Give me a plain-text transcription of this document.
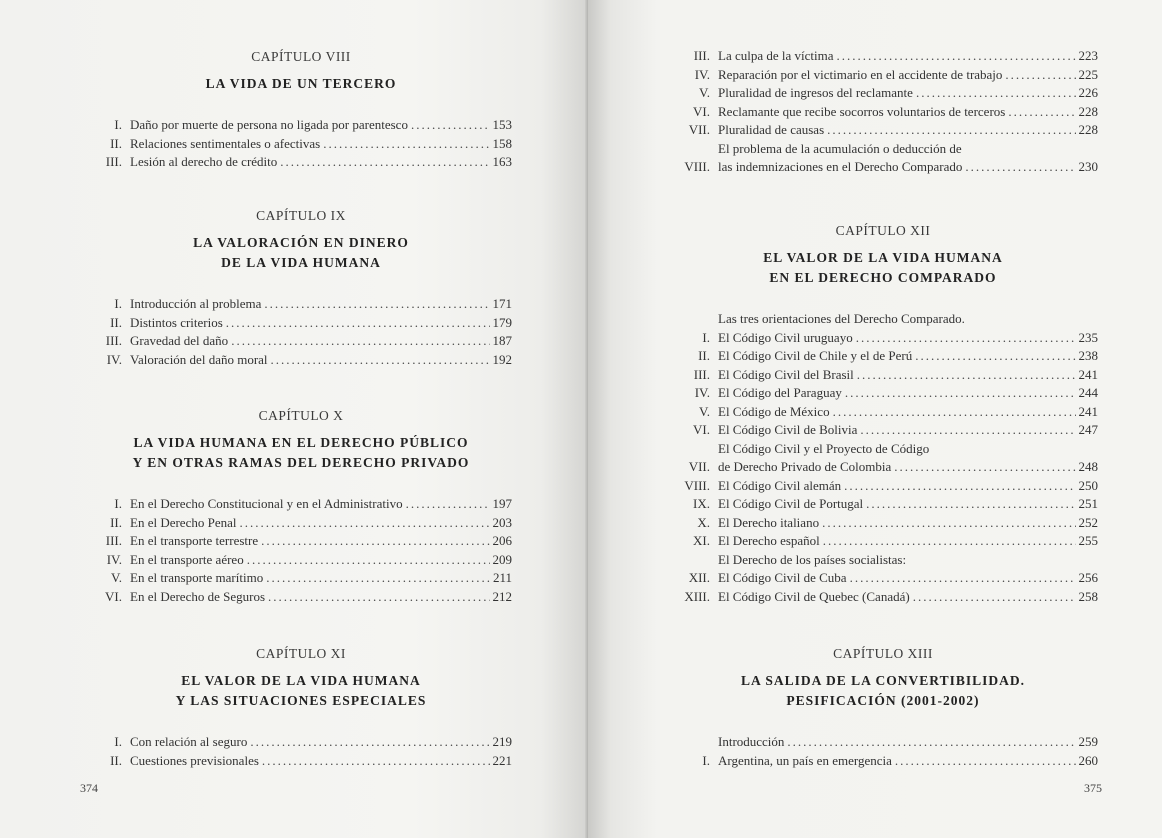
CAPÍTULO VIII
LA VIDA DE UN TERCERO
I. Daño por muerte de persona no ligada por parentesco .....	153
II. Relaciones sentimentales o afectivas .....	158
III. Lesión al derecho de crédito .....	163
CAPÍTULO IX
LA VALORACIÓN EN DINERO
DE LA VIDA HUMANA
I. Introducción al problema .....	171
II. Distintos criterios .....	179
III. Gravedad del daño .....	187
IV. Valoración del daño moral .....	192
CAPÍTULO X
LA VIDA HUMANA EN EL DERECHO PÚBLICO
Y EN OTRAS RAMAS DEL DERECHO PRIVADO
I. En el Derecho Constitucional y en el Administrativo .....	197
II. En el Derecho Penal .....	203
III. En el transporte terrestre .....	206
IV. En el transporte aéreo .....	209
V. En el transporte marítimo .....	211
VI. En el Derecho de Seguros .....	212
CAPÍTULO XI
EL VALOR DE LA VIDA HUMANA
Y LAS SITUACIONES ESPECIALES
I. Con relación al seguro .....	219
II. Cuestiones previsionales .....	221
374
III. La culpa de la víctima .....	223
IV. Reparación por el victimario en el accidente de trabajo .....	225
V. Pluralidad de ingresos del reclamante .....	226
VI. Reclamante que recibe socorros voluntarios de terceros .....	228
VII. Pluralidad de causas .....	228
VIII.
El problema de la acumulación o deducción de
las indemnizaciones en el Derecho Comparado .....	230
CAPÍTULO XII
EL VALOR DE LA VIDA HUMANA
EN EL DERECHO COMPARADO
I.
Las tres orientaciones del Derecho Comparado.
El Código Civil uruguayo .....	235
II. El Código Civil de Chile y el de Perú .....	238
III. El Código Civil del Brasil .....	241
IV. El Código del Paraguay .....	244
V. El Código de México .....	241
VI. El Código Civil de Bolivia .....	247
VII.
El Código Civil y el Proyecto de Código
de Derecho Privado de Colombia .....	248
VIII. El Código Civil alemán .....	250
IX. El Código Civil de Portugal .....	251
X. El Derecho italiano .....	252
XI. El Derecho español .....	255
XII.
El Derecho de los países socialistas:
El Código Civil de Cuba .....	256
XIII. El Código Civil de Quebec (Canadá) .....	258
CAPÍTULO XIII
LA SALIDA DE LA CONVERTIBILIDAD.
PESIFICACIÓN (2001-2002)
Introducción .....	259
I. Argentina, un país en emergencia .....	260
375
